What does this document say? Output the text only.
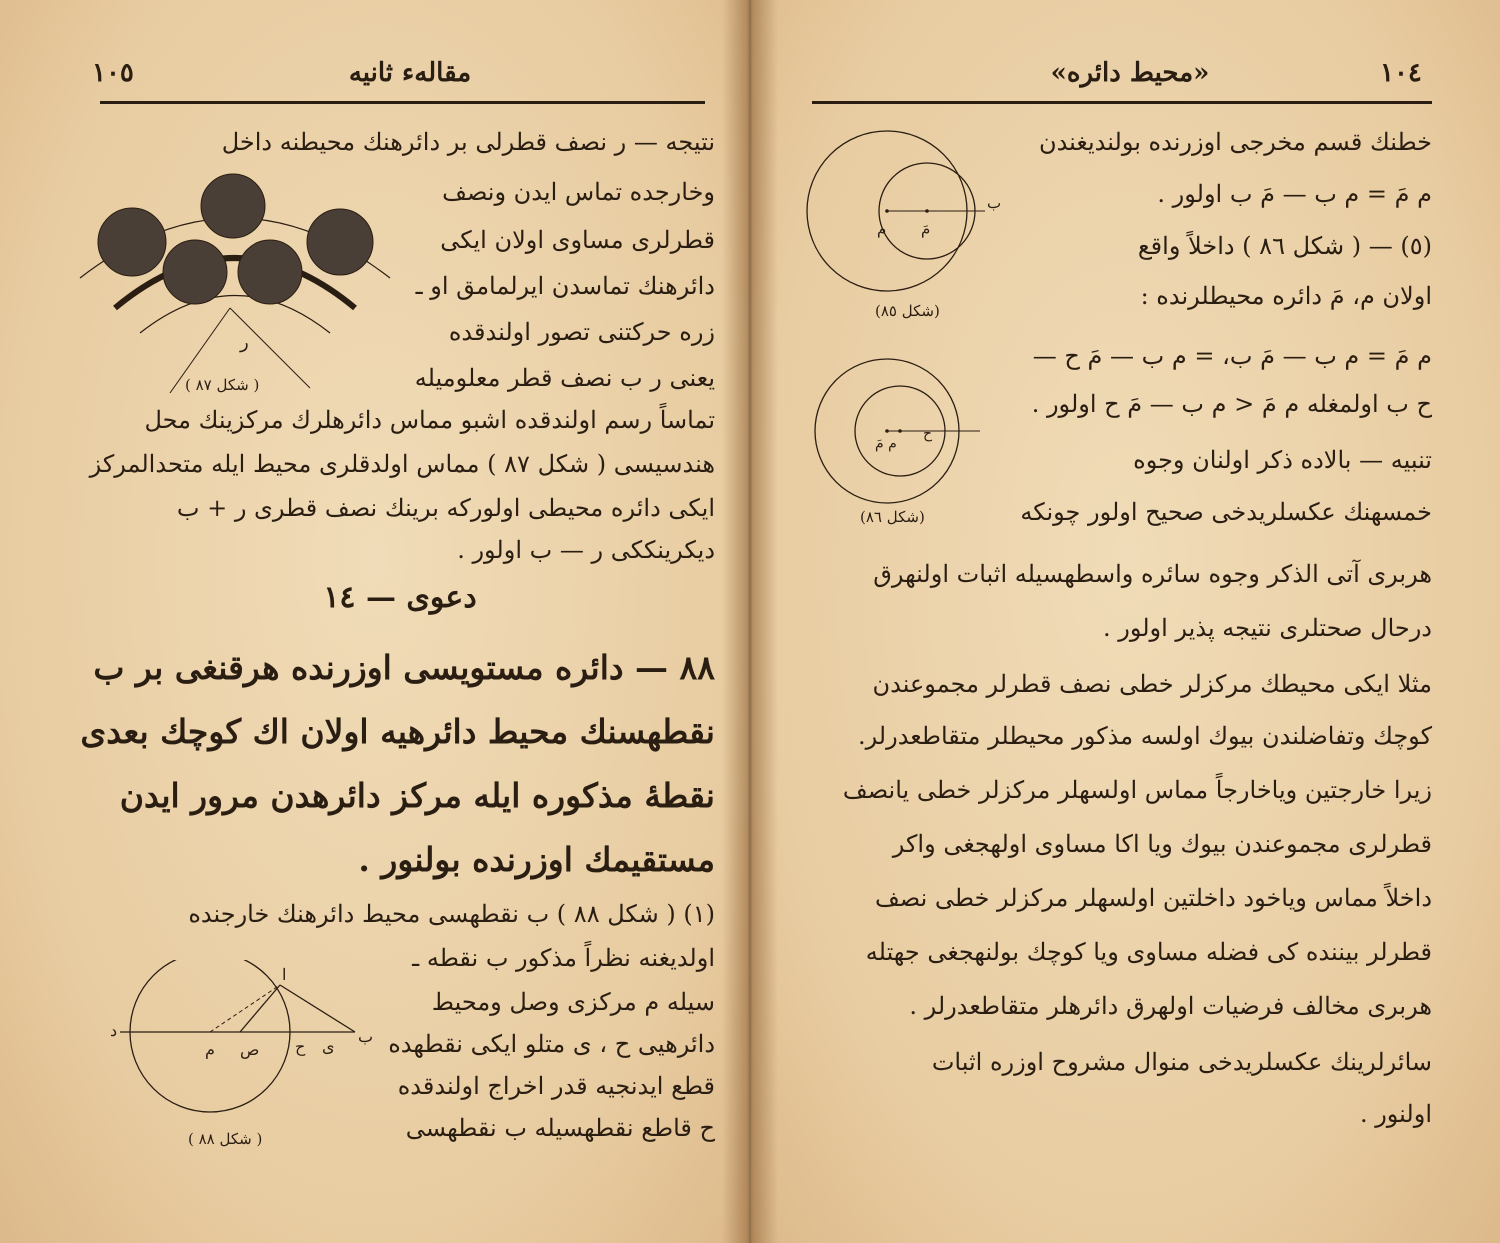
١٠٥	مقالهء ثانيه
نتيجه — ر نصف قطرلى بر دائرهنك محيطنه داخل
وخارجده تماس ايدن ونصف
قطرلرى مساوى اولان ايكى
دائرهنك تماسدن ايرلمامق او ـ
زره حركتنى تصور اولندقده
يعنى ر ب نصف قطر معلوميله
تماساً رسم اولندقده اشبو مماس دائرهلرك مركزينك محل
هندسيسى ( شكل ٨٧ ) مماس اولدقلرى محيط ايله متحدالمركز
ايكى دائره محيطى اولوركه برينك نصف قطرى ر + ب
ديكرينككى ر — ب اولور .
دعوى — ١٤
٨٨ — دائره مستويسى اوزرنده هرقنغى بر ب
نقطهسنك محيط دائرهيه اولان اك كوچك بعدى
نقطهٔ مذكوره ايله مركز دائرهدن مرور ايدن
مستقيمك اوزرنده بولنور .
(١) ( شكل ٨٨ ) ب نقطهسى محيط دائرهنك خارجنده
اولديغنه نظراً مذكور ب نقطه ـ
سيله م مركزى وصل ومحيط
دائرهيى ح ، ى متلو ايكى نقطهده
قطع ايدنجيه قدر اخراج اولندقده
ح قاطع نقطهسيله ب نقطهسى
ر
( شكل ٨٧ )
د
م ص ح ى
ب
ا
( شكل ٨٨ )
١٠٤
«محيط دائره»
خطنك قسم مخرجى اوزرنده بولنديغندن
م مَ = م ب — مَ ب اولور .
(٥) — ( شكل ٨٦ ) داخلاً واقع
اولان م، مَ دائره محيطلرنده :
م مَ = م ب — مَ ب، = م ب — مَ ح —
ح ب اولمغله م مَ < م ب — مَ ح اولور .
تنبيه — بالاده ذكر اولنان وجوه
خمسهنك عكسلريدخى صحيح اولور چونكه
هربرى آتى الذكر وجوه سائره واسطهسيله اثبات اولنهرق
درحال صحتلرى نتيجه پذير اولور .
مثلا ايكى محيطك مركزلر خطى نصف قطرلر مجموعندن
كوچك وتفاضلندن بيوك اولسه مذكور محيطلر متقاطعدرلر.
زيرا خارجتين وياخارجاً مماس اولسهلر مركزلر خطى يانصف
قطرلرى مجموعندن بيوك ويا اكا مساوى اولهجغى واكر
داخلاً مماس وياخود داخلتين اولسهلر مركزلر خطى نصف
قطرلر بيننده كى فضله مساوى ويا كوچك بولنهجغى جهتله
هربرى مخالف فرضيات اولهرق دائرهلر متقاطعدرلر .
سائرلرينك عكسلريدخى منوال مشروح اوزره اثبات
اولنور .
م مَ
ب
(شكل ٨٥)
م مَ
ح
(شكل ٨٦)
